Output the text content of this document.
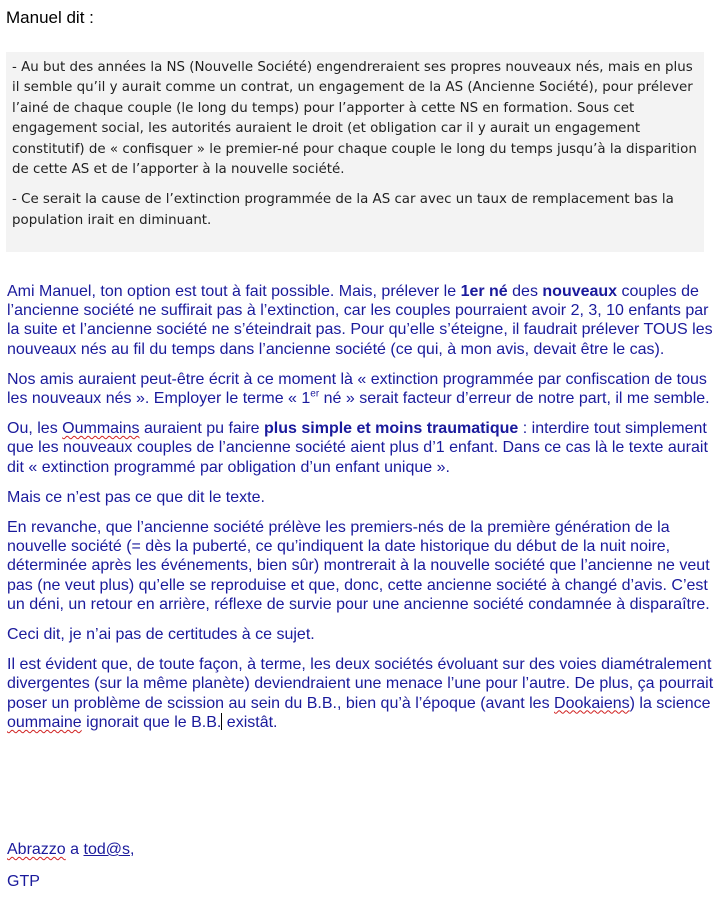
Manuel dit :

- Au but des années la NS (Nouvelle Société) engendreraient ses propres nouveaux nés, mais en plus il semble qu’il y aurait comme un contrat, un engagement de la AS (Ancienne Société), pour prélever l’ainé de chaque couple (le long du temps) pour l’apporter à cette NS en formation. Sous cet engagement social, les autorités auraient le droit (et obligation car il y aurait un engagement constitutif) de « confisquer » le premier-né pour chaque couple le long du temps jusqu’à la disparition de cette AS et de l’apporter à la nouvelle société.

- Ce serait la cause de l’extinction programmée de la AS car avec un taux de remplacement bas la population irait en diminuant.

Ami Manuel, ton option est tout à fait possible. Mais, prélever le 1er né des nouveaux couples de l’ancienne société ne suffirait pas à l’extinction, car les couples pourraient avoir 2, 3, 10 enfants par la suite et l’ancienne société ne s’éteindrait pas. Pour qu’elle s’éteigne, il faudrait prélever TOUS les nouveaux nés au fil du temps dans l’ancienne société (ce qui, à mon avis, devait être le cas).

Nos amis auraient peut-être écrit à ce moment là « extinction programmée par confiscation de tous les nouveaux nés ». Employer le terme « 1er né » serait facteur d’erreur de notre part, il me semble.

Ou, les Oummains auraient pu faire plus simple et moins traumatique : interdire tout simplement que les nouveaux couples de l’ancienne société aient plus d’1 enfant. Dans ce cas là le texte aurait dit « extinction programmé par obligation d’un enfant unique ».

Mais ce n’est pas ce que dit le texte.

En revanche, que l’ancienne société prélève les premiers-nés de la première génération de la nouvelle société (= dès la puberté, ce qu’indiquent la date historique du début de la nuit noire, déterminée après les événements, bien sûr) montrerait à la nouvelle société que l’ancienne ne veut pas (ne veut plus) qu’elle se reproduise et que, donc, cette ancienne société à changé d’avis. C’est un déni, un retour en arrière, réflexe de survie pour une ancienne société condamnée à disparaître.

Ceci dit, je n’ai pas de certitudes à ce sujet.

Il est évident que, de toute façon, à terme, les deux sociétés évoluant sur des voies diamétralement divergentes (sur la même planète) deviendraient une menace l’une pour l’autre. De plus, ça pourrait poser un problème de scission au sein du B.B., bien qu’à l’époque (avant les Dookaiens) la science oummaine ignorait que le B.B. existât.

Abrazzo a tod@s,
GTP
